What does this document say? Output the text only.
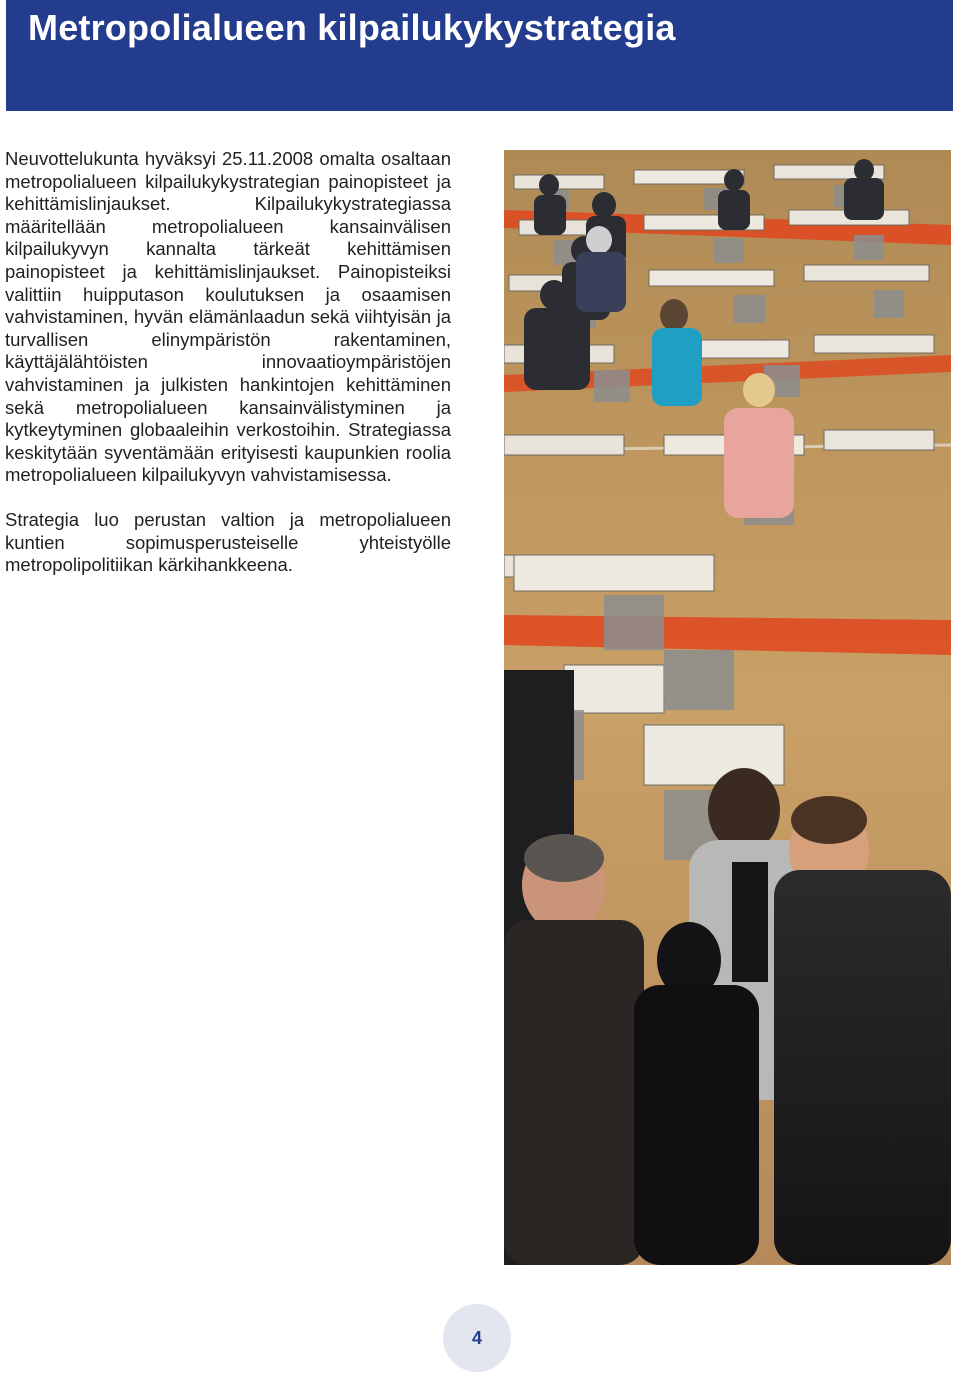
Metropolialueen kilpailukykystrategia

Neuvottelukunta hyväksyi 25.11.2008 omalta osaltaan metropolialueen kilpailukykystrategian painopisteet ja kehittämislinjaukset. Kilpailukykystrategiassa määritellään metropolialueen kansainvälisen kilpailukyvyn kannalta tärkeät kehittämisen painopisteet ja kehittämislinjaukset. Painopisteiksi valittiin huipputason koulutuksen ja osaamisen vahvistaminen, hyvän elämänlaadun sekä viihtyisän ja turvallisen elinympäristön rakentaminen, käyttäjälähtöisten innovaatioympäristöjen vahvistaminen ja julkisten hankintojen kehittäminen sekä metropolialueen kansainvälistyminen ja kytkeytyminen globaaleihin verkostoihin. Strategiassa keskitytään syventämään erityisesti kaupunkien roolia metropolialueen kilpailukyvyn vahvistamisessa.

Strategia luo perustan valtion ja metropolialueen kuntien sopimusperusteiselle yhteistyölle metropolipolitiikan kärkihankkeena.

4
